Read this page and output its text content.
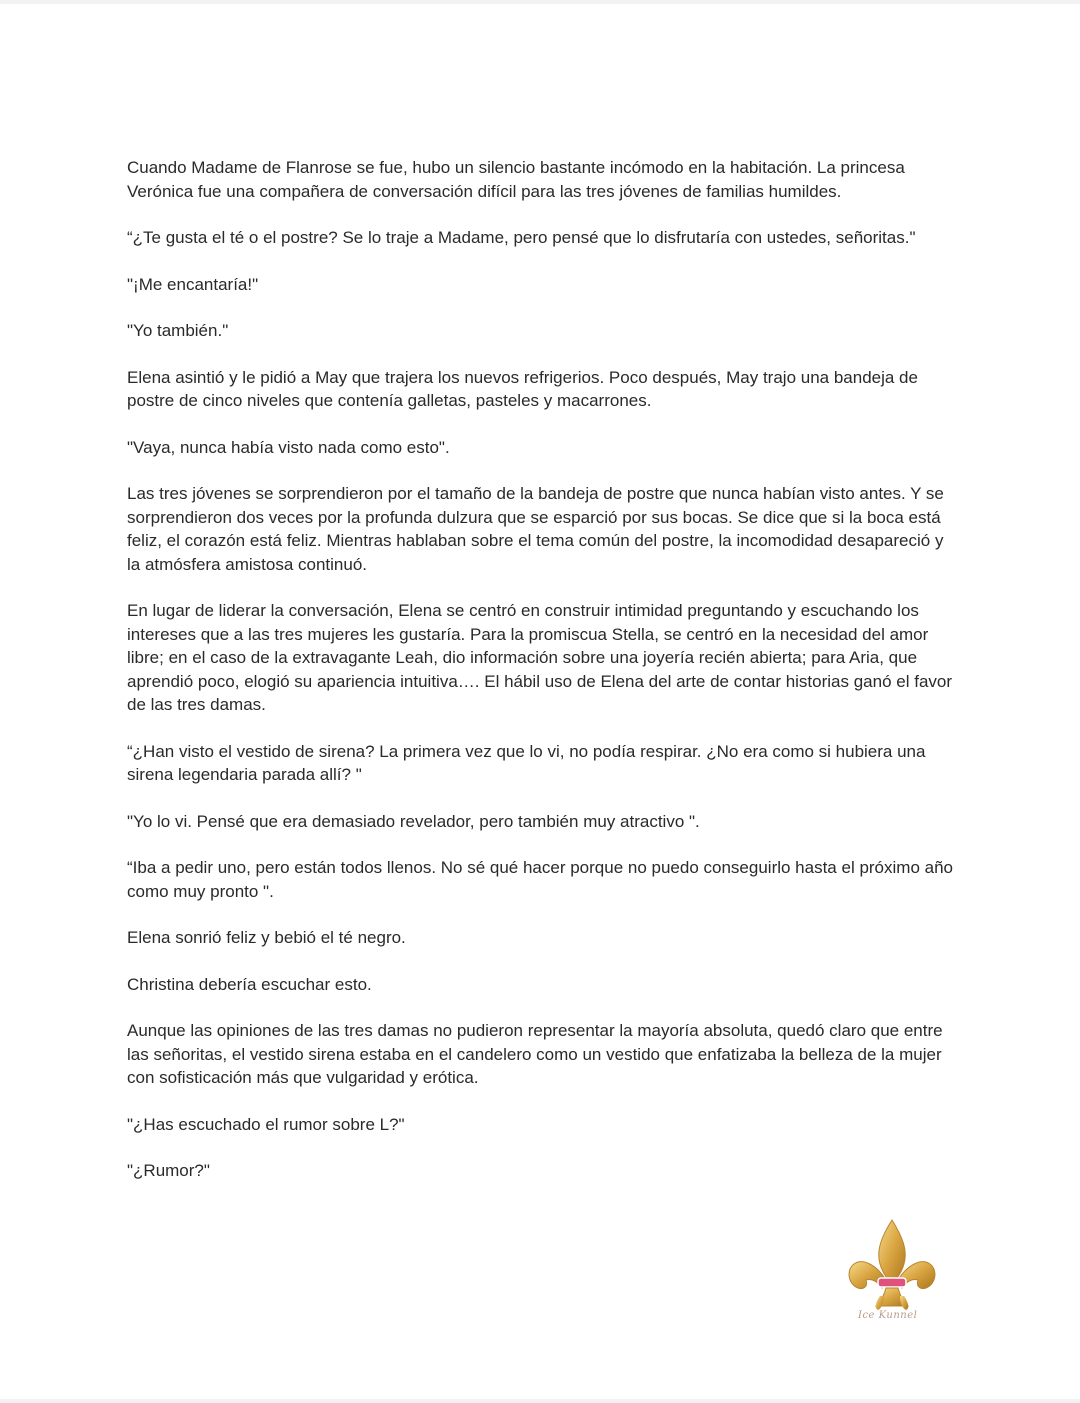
Cuando Madame de Flanrose se fue, hubo un silencio bastante incómodo en la habitación. La princesa Verónica fue una compañera de conversación difícil para las tres jóvenes de familias humildes.

“¿Te gusta el té o el postre? Se lo traje a Madame, pero pensé que lo disfrutaría con ustedes, señoritas."

"¡Me encantaría!"

"Yo también."

Elena asintió y le pidió a May que trajera los nuevos refrigerios. Poco después, May trajo una bandeja de postre de cinco niveles que contenía galletas, pasteles y macarrones.

"Vaya, nunca había visto nada como esto".

Las tres jóvenes se sorprendieron por el tamaño de la bandeja de postre que nunca habían visto antes. Y se sorprendieron dos veces por la profunda dulzura que se esparció por sus bocas. Se dice que si la boca está feliz, el corazón está feliz. Mientras hablaban sobre el tema común del postre, la incomodidad desapareció y la atmósfera amistosa continuó.

En lugar de liderar la conversación, Elena se centró en construir intimidad preguntando y escuchando los intereses que a las tres mujeres les gustaría. Para la promiscua Stella, se centró en la necesidad del amor libre; en el caso de la extravagante Leah, dio información sobre una joyería recién abierta; para Aria, que aprendió poco, elogió su apariencia intuitiva…. El hábil uso de Elena del arte de contar historias ganó el favor de las tres damas.

“¿Han visto el vestido de sirena? La primera vez que lo vi, no podía respirar. ¿No era como si hubiera una sirena legendaria parada allí? "

"Yo lo vi. Pensé que era demasiado revelador, pero también muy atractivo ".

“Iba a pedir uno, pero están todos llenos. No sé qué hacer porque no puedo conseguirlo hasta el próximo año como muy pronto ".

Elena sonrió feliz y bebió el té negro.

Christina debería escuchar esto.

Aunque las opiniones de las tres damas no pudieron representar la mayoría absoluta, quedó claro que entre las señoritas, el vestido sirena estaba en el candelero como un vestido que enfatizaba la belleza de la mujer con sofisticación más que vulgaridad y erótica.

"¿Has escuchado el rumor sobre L?"

"¿Rumor?"

Ice Kunnel
